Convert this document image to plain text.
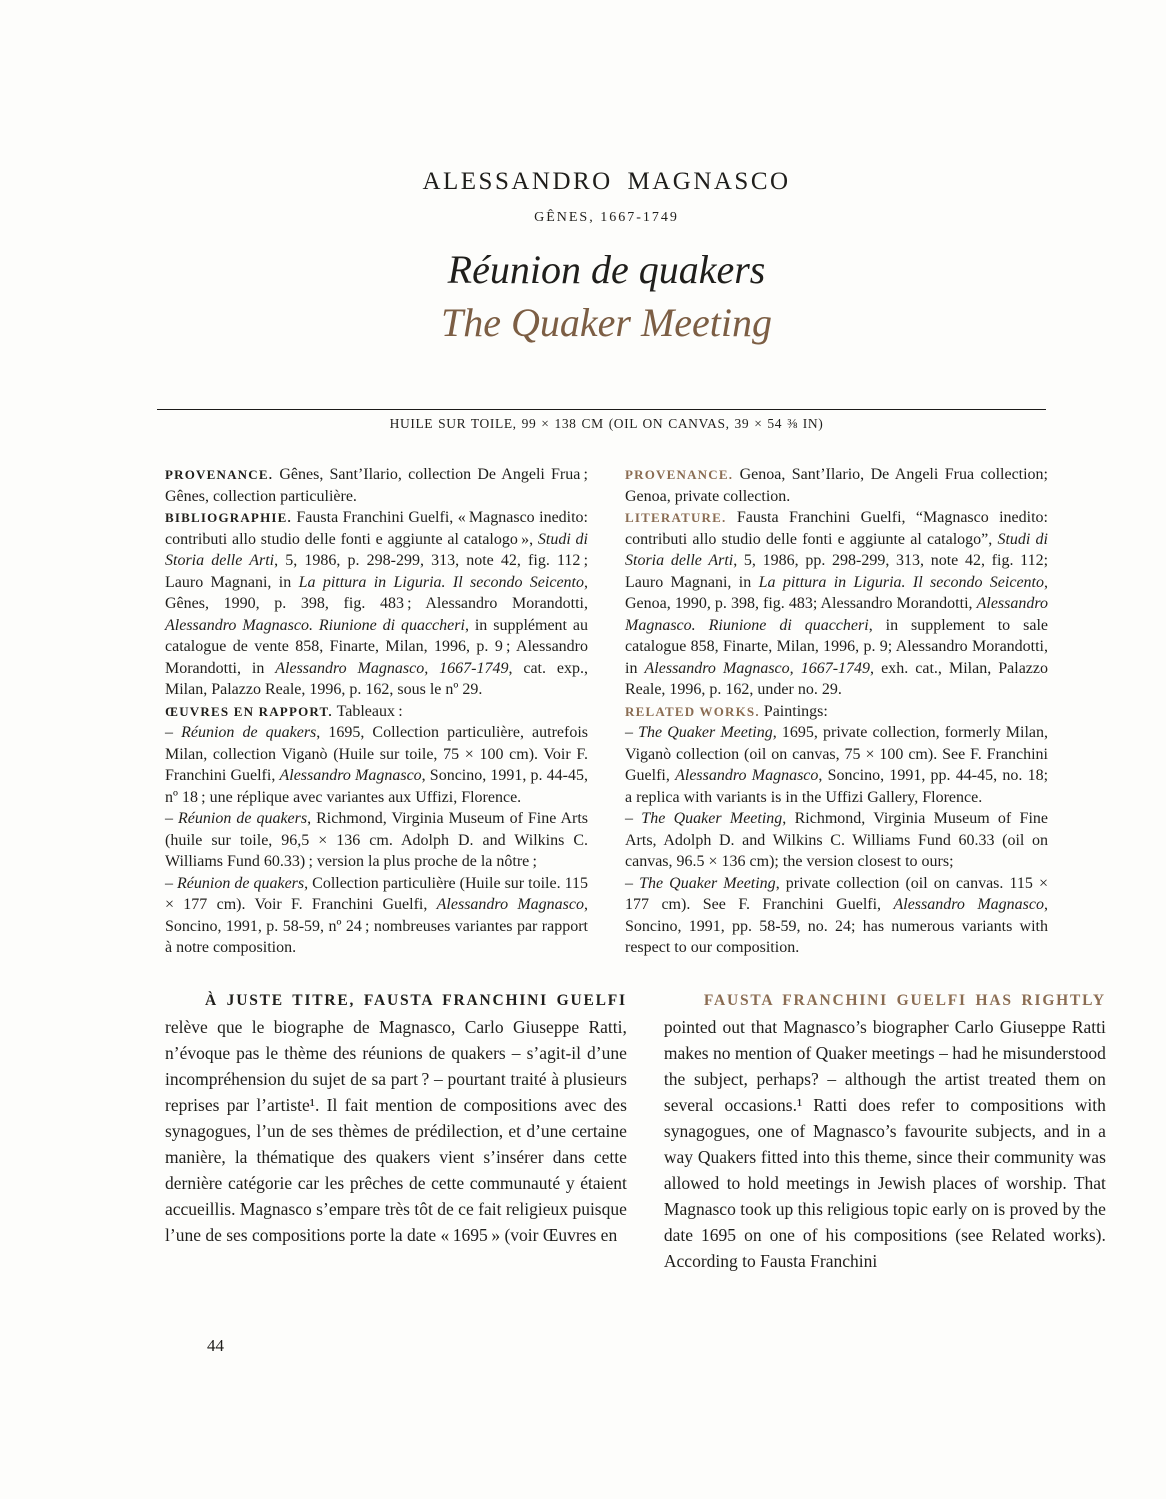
ALESSANDRO MAGNASCO
GÊNES, 1667-1749
Réunion de quakers
The Quaker Meeting
HUILE SUR TOILE, 99 × 138 CM (OIL ON CANVAS, 39 × 54 ⅜ IN)

PROVENANCE. Gênes, Sant’Ilario, collection De Angeli Frua ; Gênes, collection particulière.

BIBLIOGRAPHIE. Fausta Franchini Guelfi, « Magnasco inedito: contributi allo studio delle fonti e aggiunte al catalogo », Studi di Storia delle Arti, 5, 1986, p. 298-299, 313, note 42, fig. 112 ; Lauro Magnani, in La pittura in Liguria. Il secondo Seicento, Gênes, 1990, p. 398, fig. 483 ; Alessandro Morandotti, Alessandro Magnasco. Riunione di quaccheri, in supplément au catalogue de vente 858, Finarte, Milan, 1996, p. 9 ; Alessandro Morandotti, in Alessandro Magnasco, 1667-1749, cat. exp., Milan, Palazzo Reale, 1996, p. 162, sous le nº 29.

ŒUVRES EN RAPPORT. Tableaux :

– Réunion de quakers, 1695, Collection particulière, autrefois Milan, collection Viganò (Huile sur toile, 75 × 100 cm). Voir F. Franchini Guelfi, Alessandro Magnasco, Soncino, 1991, p. 44-45, nº 18 ; une réplique avec variantes aux Uffizi, Florence.

– Réunion de quakers, Richmond, Virginia Museum of Fine Arts (huile sur toile, 96,5 × 136 cm. Adolph D. and Wilkins C. Williams Fund 60.33) ; version la plus proche de la nôtre ;

– Réunion de quakers, Collection particulière (Huile sur toile. 115 × 177 cm). Voir F. Franchini Guelfi, Alessandro Magnasco, Soncino, 1991, p. 58-59, nº 24 ; nombreuses variantes par rapport à notre composition.

PROVENANCE. Genoa, Sant’Ilario, De Angeli Frua collection; Genoa, private collection.

LITERATURE. Fausta Franchini Guelfi, “Magnasco inedito: contributi allo studio delle fonti e aggiunte al catalogo”, Studi di Storia delle Arti, 5, 1986, pp. 298-299, 313, note 42, fig. 112; Lauro Magnani, in La pittura in Liguria. Il secondo Seicento, Genoa, 1990, p. 398, fig. 483; Alessandro Morandotti, Alessandro Magnasco. Riunione di quaccheri, in supplement to sale catalogue 858, Finarte, Milan, 1996, p. 9; Alessandro Morandotti, in Alessandro Magnasco, 1667-1749, exh. cat., Milan, Palazzo Reale, 1996, p. 162, under no. 29.

RELATED WORKS. Paintings:

– The Quaker Meeting, 1695, private collection, formerly Milan, Viganò collection (oil on canvas, 75 × 100 cm). See F. Franchini Guelfi, Alessandro Magnasco, Soncino, 1991, pp. 44-45, no. 18; a replica with variants is in the Uffizi Gallery, Florence.

– The Quaker Meeting, Richmond, Virginia Museum of Fine Arts, Adolph D. and Wilkins C. Williams Fund 60.33 (oil on canvas, 96.5 × 136 cm); the version closest to ours;

– The Quaker Meeting, private collection (oil on canvas. 115 × 177 cm). See F. Franchini Guelfi, Alessandro Magnasco, Soncino, 1991, pp. 58-59, no. 24; has numerous variants with respect to our composition.

À JUSTE TITRE, FAUSTA FRANCHINI GUELFI

relève que le biographe de Magnasco, Carlo Giuseppe Ratti, n’évoque pas le thème des réunions de quakers – s’agit-il d’une incompréhension du sujet de sa part ? – pourtant traité à plusieurs reprises par l’artiste¹. Il fait mention de compositions avec des synagogues, l’un de ses thèmes de prédilection, et d’une certaine manière, la thématique des quakers vient s’insérer dans cette dernière catégorie car les prêches de cette communauté y étaient accueillis. Magnasco s’empare très tôt de ce fait religieux puisque l’une de ses compositions porte la date « 1695 » (voir Œuvres en

FAUSTA FRANCHINI GUELFI HAS RIGHTLY

pointed out that Magnasco’s biographer Carlo Giuseppe Ratti makes no mention of Quaker meetings – had he misunderstood the subject, perhaps? – although the artist treated them on several occasions.¹ Ratti does refer to compositions with synagogues, one of Magnasco’s favourite subjects, and in a way Quakers fitted into this theme, since their community was allowed to hold meetings in Jewish places of worship. That Magnasco took up this religious topic early on is proved by the date 1695 on one of his compositions (see Related works). According to Fausta Franchini

44
